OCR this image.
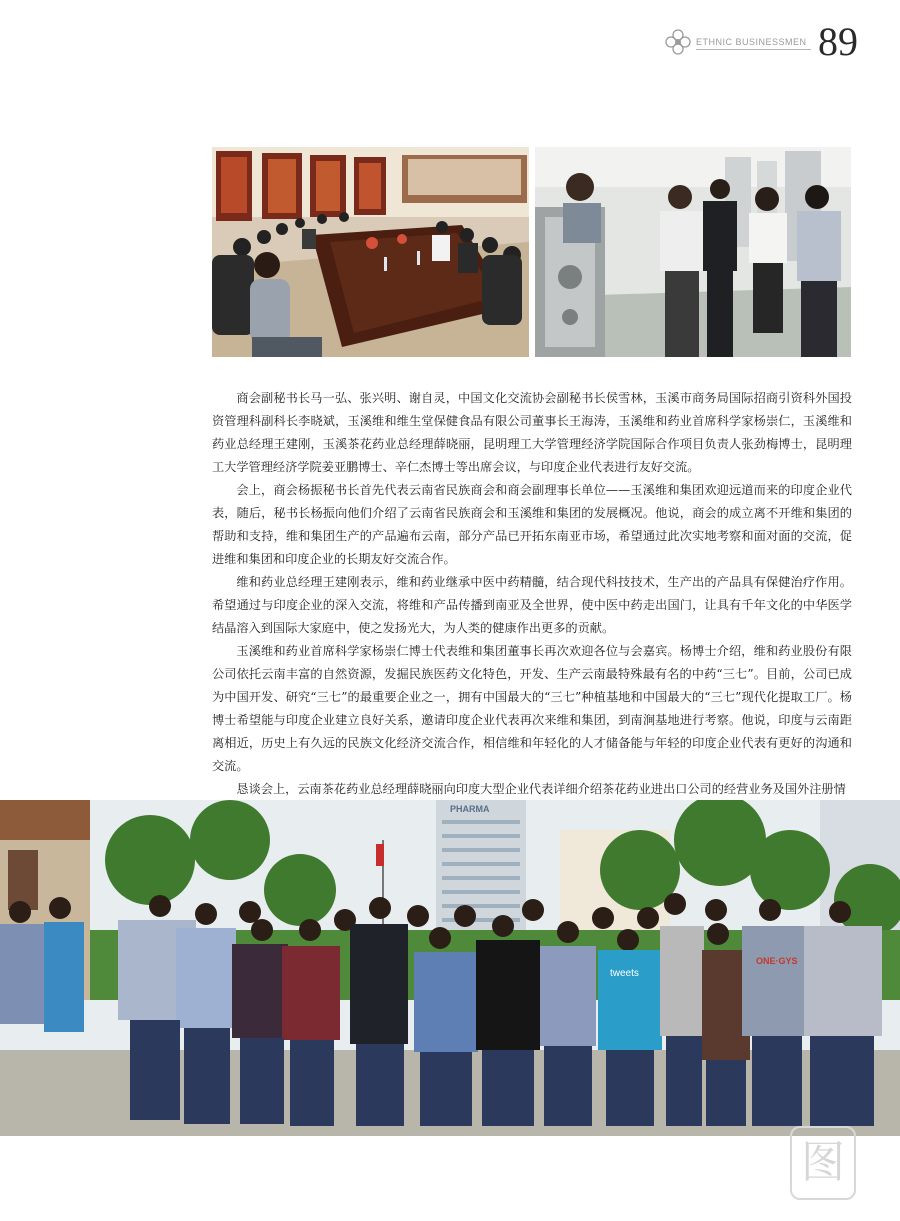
ETHNIC BUSINESSMEN 89

商会副秘书长马一弘、张兴明、谢自灵，中国文化交流协会副秘书长侯雪林，玉溪市商务局国际招商引资科外国投资管理科副科长李晓斌，玉溪维和维生堂保健食品有限公司董事长王海涛，玉溪维和药业首席科学家杨崇仁，玉溪维和药业总经理王建刚，玉溪茶花药业总经理薛晓丽，昆明理工大学管理经济学院国际合作项目负责人张劲梅博士，昆明理工大学管理经济学院姜亚鹏博士、辛仁杰博士等出席会议，与印度企业代表进行友好交流。

会上，商会杨振秘书长首先代表云南省民族商会和商会副理事长单位——玉溪维和集团欢迎远道而来的印度企业代表，随后，秘书长杨振向他们介绍了云南省民族商会和玉溪维和集团的发展概况。他说，商会的成立离不开维和集团的帮助和支持，维和集团生产的产品遍布云南，部分产品已开拓东南亚市场，希望通过此次实地考察和面对面的交流，促进维和集团和印度企业的长期友好交流合作。

维和药业总经理王建刚表示，维和药业继承中医中药精髓，结合现代科技技术，生产出的产品具有保健治疗作用。希望通过与印度企业的深入交流，将维和产品传播到南亚及全世界，使中医中药走出国门，让具有千年文化的中华医学结晶溶入到国际大家庭中，使之发扬光大，为人类的健康作出更多的贡献。

玉溪维和药业首席科学家杨崇仁博士代表维和集团董事长再次欢迎各位与会嘉宾。杨博士介绍，维和药业股份有限公司依托云南丰富的自然资源，发掘民族医药文化特色，开发、生产云南最特殊最有名的中药“三七”。目前，公司已成为中国开发、研究“三七”的最重要企业之一，拥有中国最大的“三七”种植基地和中国最大的“三七”现代化提取工厂。杨博士希望能与印度企业建立良好关系，邀请印度企业代表再次来维和集团，到南涧基地进行考察。他说，印度与云南距离相近，历史上有久远的民族文化经济交流合作，相信维和年轻化的人才储备能与年轻的印度企业代表有更好的沟通和交流。

恳谈会上，云南茶花药业总经理薛晓丽向印度大型企业代表详细介绍茶花药业进出口公司的经营业务及国外注册情

PHARMA
ONE·GYS
tweets
图
